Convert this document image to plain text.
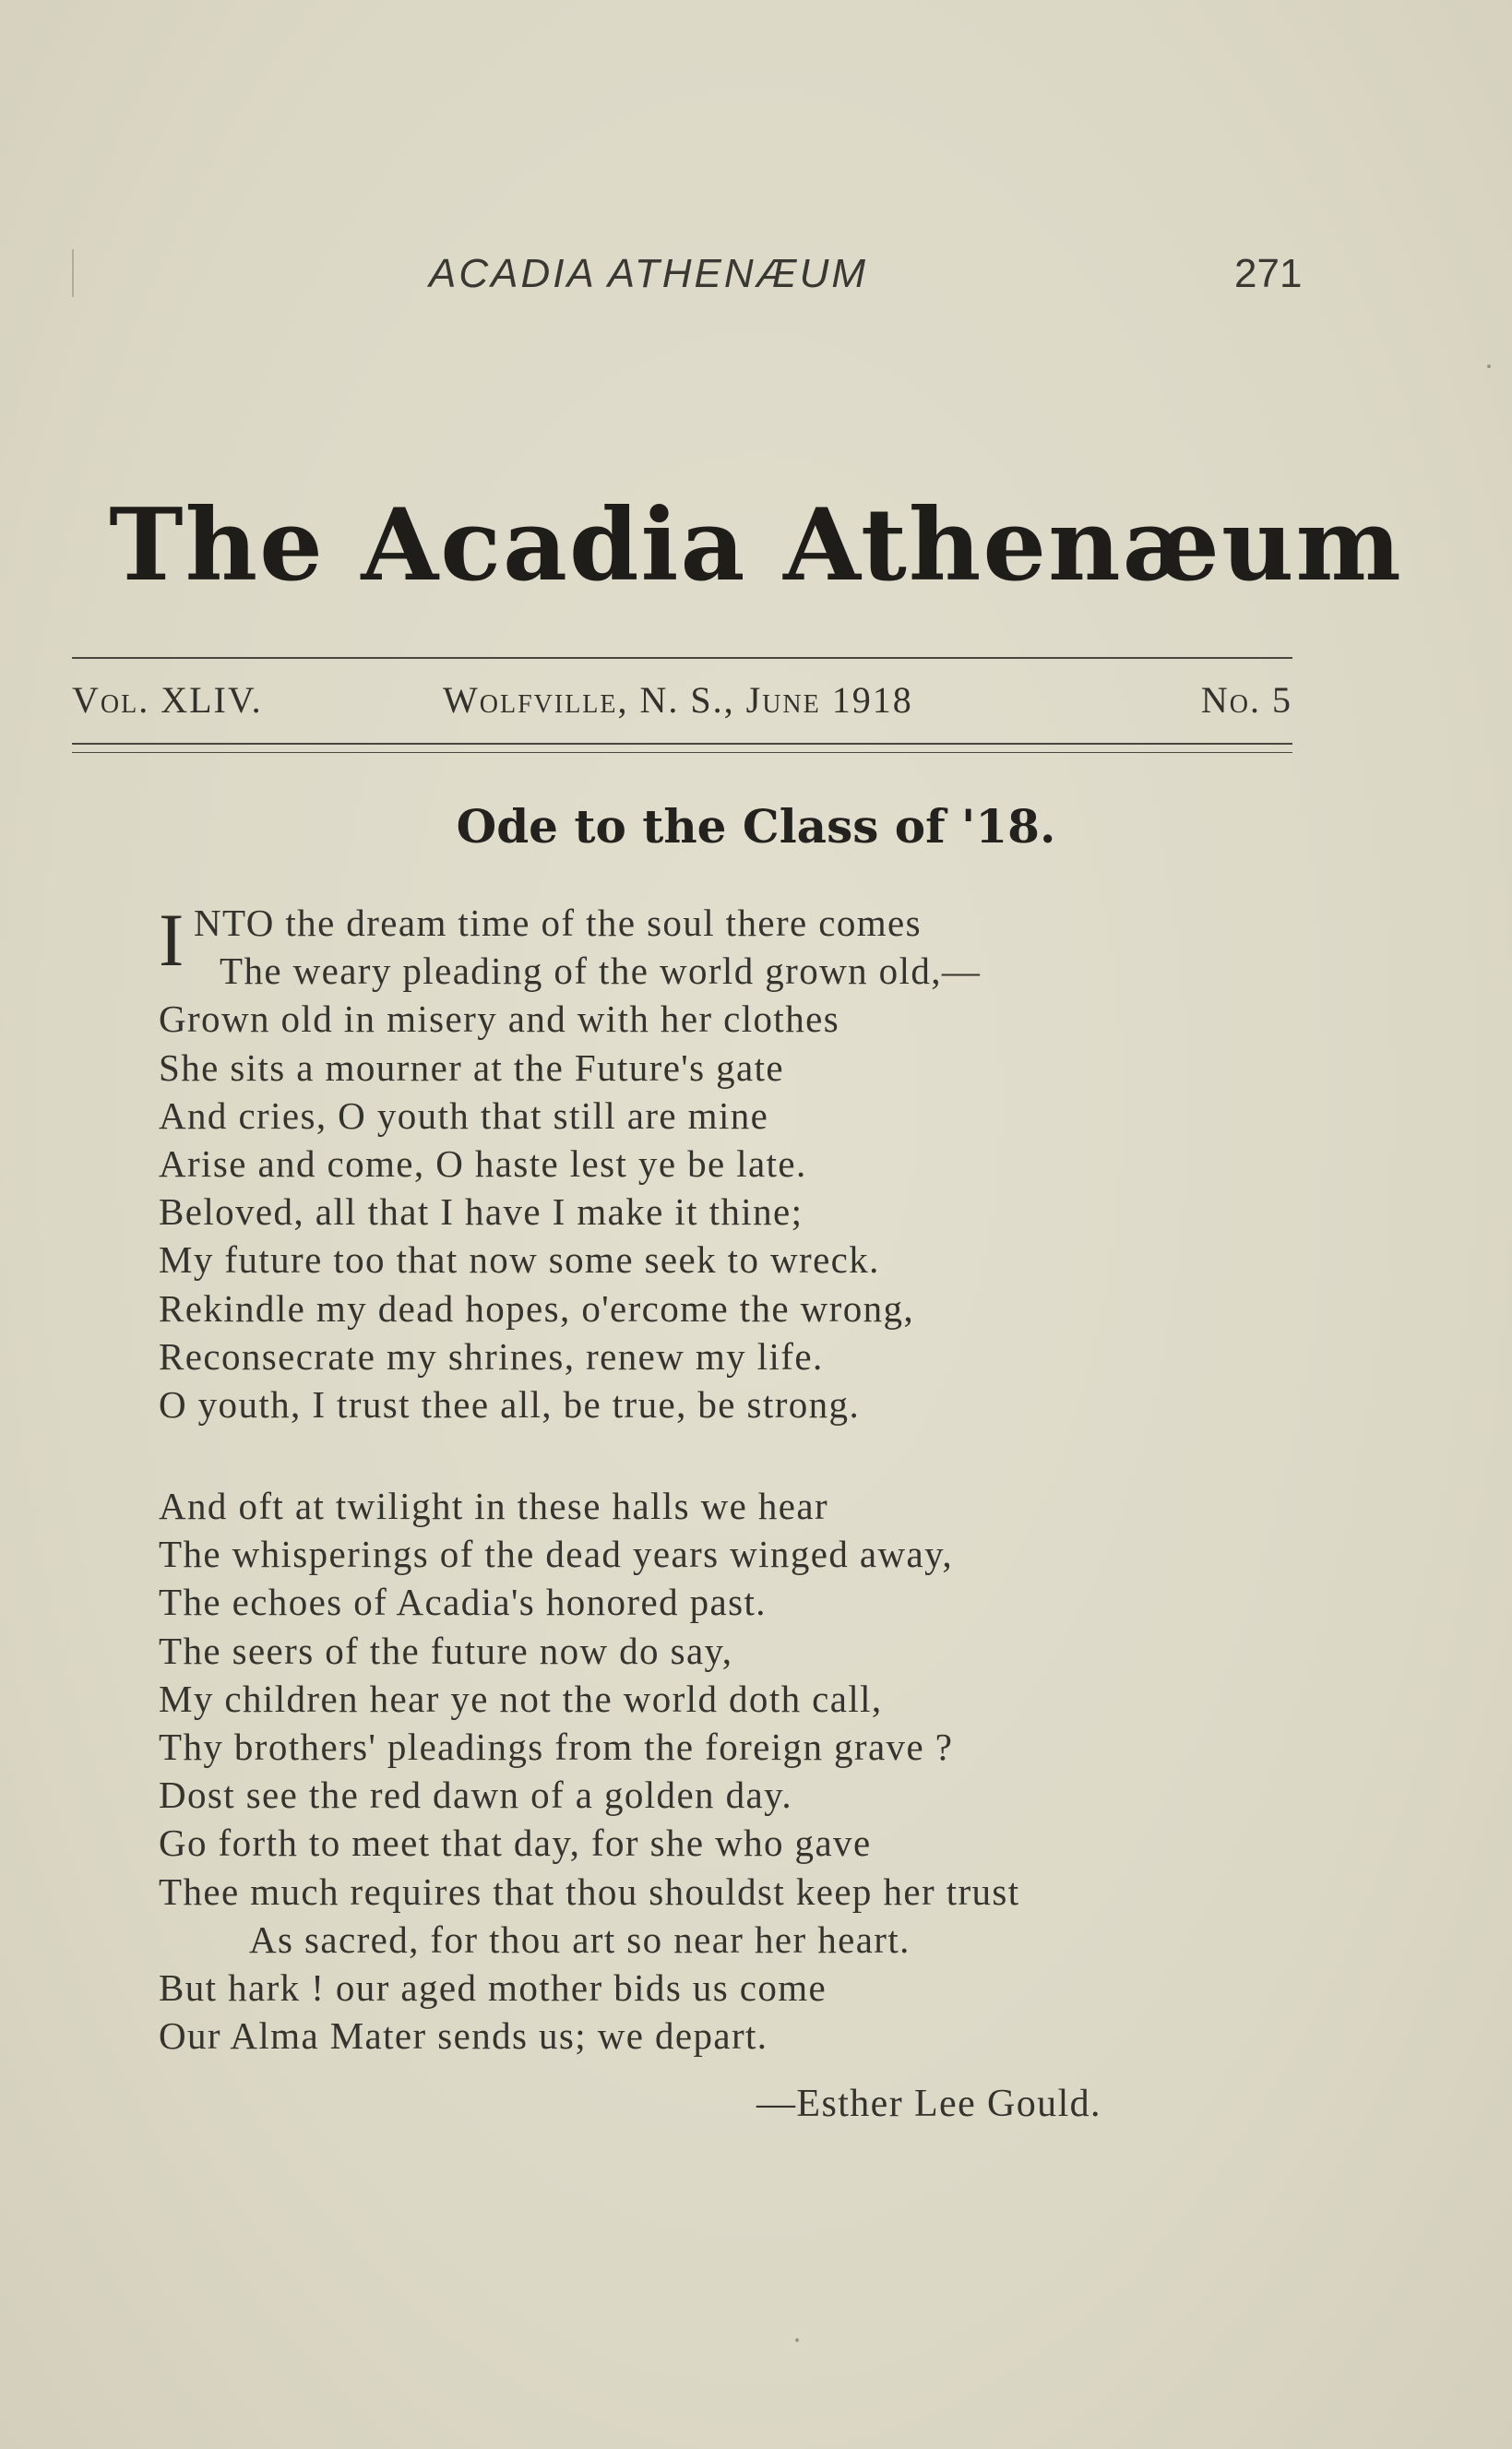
ACADIA ATHENÆUM	271
The Acadia Athenæum
Vol. XLIV.	Wolfville, N. S., June 1918	No. 5
Ode to the Class of '18.
I NTO the dream time of the soul there comes
The weary pleading of the world grown old,—
Grown old in misery and with her clothes
She sits a mourner at the Future's gate
And cries, O youth that still are mine
Arise and come, O haste lest ye be late.
Beloved, all that I have I make it thine;
My future too that now some seek to wreck.
Rekindle my dead hopes, o'ercome the wrong,
Reconsecrate my shrines, renew my life.
O youth, I trust thee all, be true, be strong.
And oft at twilight in these halls we hear
The whisperings of the dead years winged away,
The echoes of Acadia's honored past.
The seers of the future now do say,
My children hear ye not the world doth call,
Thy brothers' pleadings from the foreign grave ?
Dost see the red dawn of a golden day.
Go forth to meet that day, for she who gave
Thee much requires that thou shouldst keep her trust
As sacred, for thou art so near her heart.
But hark ! our aged mother bids us come
Our Alma Mater sends us; we depart.
—Esther Lee Gould.
